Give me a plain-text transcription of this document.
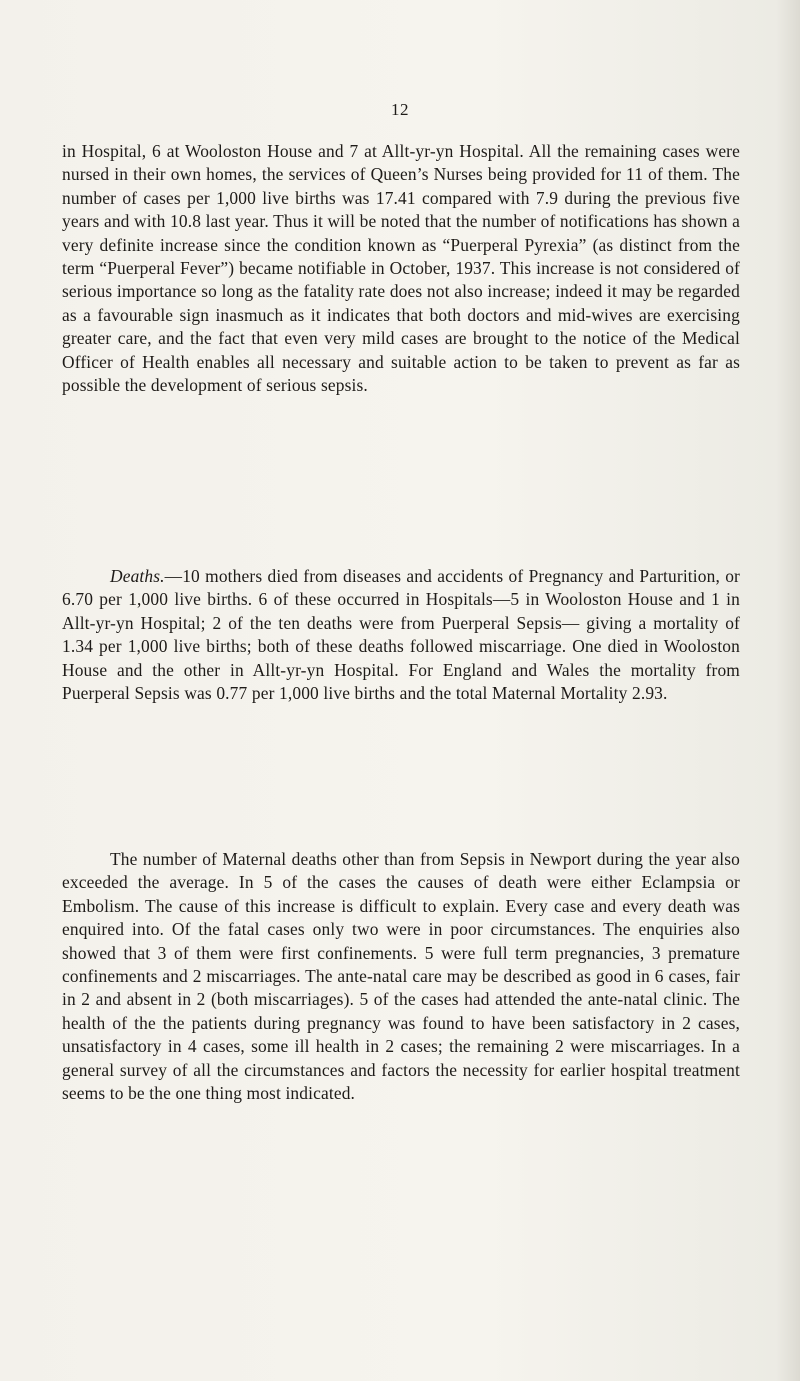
12

in Hospital, 6 at Wooloston House and 7 at Allt-yr-yn Hospital. All the remaining cases were nursed in their own homes, the services of Queen’s Nurses being provided for 11 of them. The number of cases per 1,000 live births was 17.41 compared with 7.9 during the previous five years and with 10.8 last year. Thus it will be noted that the number of notifications has shown a very definite increase since the condition known as “Puerperal Pyrexia” (as distinct from the term “Puerperal Fever”) became notifiable in October, 1937. This increase is not considered of serious importance so long as the fatality rate does not also increase; indeed it may be regarded as a favourable sign inasmuch as it indicates that both doctors and mid-wives are exercising greater care, and the fact that even very mild cases are brought to the notice of the Medical Officer of Health enables all necessary and suitable action to be taken to prevent as far as possible the development of serious sepsis.

Deaths.—10 mothers died from diseases and accidents of Pregnancy and Parturition, or 6.70 per 1,000 live births. 6 of these occurred in Hospitals—5 in Wooloston House and 1 in Allt-yr-yn Hospital; 2 of the ten deaths were from Puerperal Sepsis— giving a mortality of 1.34 per 1,000 live births; both of these deaths followed miscarriage. One died in Wooloston House and the other in Allt-yr-yn Hospital. For England and Wales the mortality from Puerperal Sepsis was 0.77 per 1,000 live births and the total Maternal Mortality 2.93.

The number of Maternal deaths other than from Sepsis in Newport during the year also exceeded the average. In 5 of the cases the causes of death were either Eclampsia or Embolism. The cause of this increase is difficult to explain. Every case and every death was enquired into. Of the fatal cases only two were in poor circumstances. The enquiries also showed that 3 of them were first confinements. 5 were full term pregnancies, 3 premature confinements and 2 miscarriages. The ante-natal care may be described as good in 6 cases, fair in 2 and absent in 2 (both miscarriages). 5 of the cases had attended the ante-natal clinic. The health of the the patients during pregnancy was found to have been satisfactory in 2 cases, unsatisfactory in 4 cases, some ill health in 2 cases; the remaining 2 were miscarriages. In a general survey of all the circumstances and factors the necessity for earlier hospital treatment seems to be the one thing most indicated.
